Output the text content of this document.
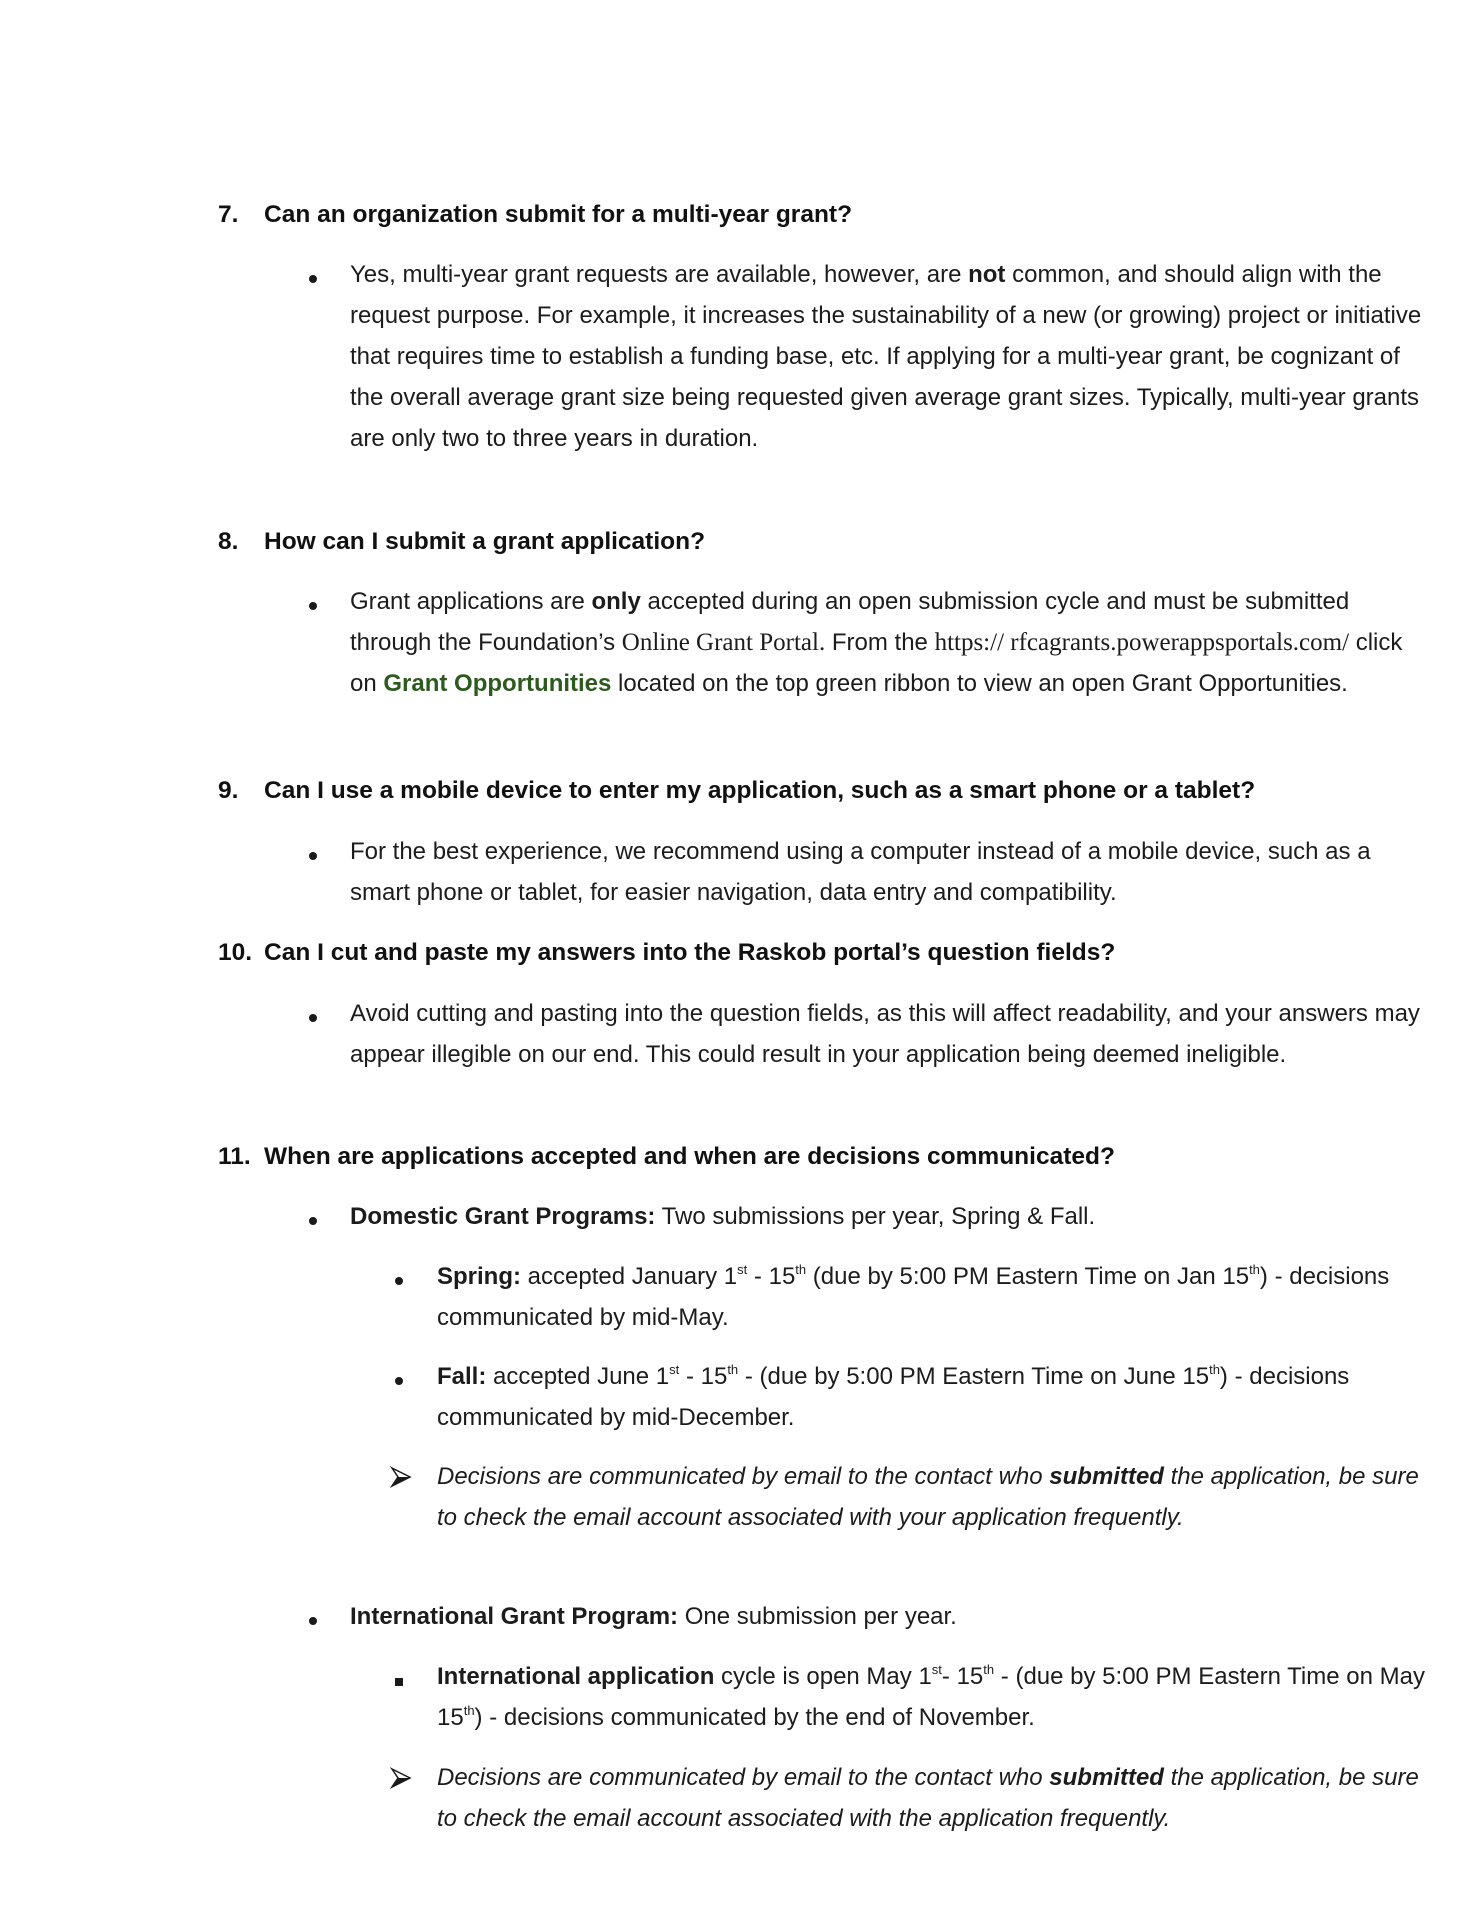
7. Can an organization submit for a multi-year grant?
Yes, multi-year grant requests are available, however, are not common, and should align with the request purpose. For example, it increases the sustainability of a new (or growing) project or initiative that requires time to establish a funding base, etc. If applying for a multi-year grant, be cognizant of the overall average grant size being requested given average grant sizes. Typically, multi-year grants are only two to three years in duration.
8. How can I submit a grant application?
Grant applications are only accepted during an open submission cycle and must be submitted through the Foundation’s Online Grant Portal. From the https:// rfcagrants.powerappsportals.com/ click on Grant Opportunities located on the top green ribbon to view an open Grant Opportunities.
9. Can I use a mobile device to enter my application, such as a smart phone or a tablet?
For the best experience, we recommend using a computer instead of a mobile device, such as a smart phone or tablet, for easier navigation, data entry and compatibility.
10. Can I cut and paste my answers into the Raskob portal’s question fields?
Avoid cutting and pasting into the question fields, as this will affect readability, and your answers may appear illegible on our end. This could result in your application being deemed ineligible.
11. When are applications accepted and when are decisions communicated?
Domestic Grant Programs: Two submissions per year, Spring & Fall.
Spring: accepted January 1st - 15th (due by 5:00 PM Eastern Time on Jan 15th) - decisions communicated by mid-May.
Fall: accepted June 1st - 15th - (due by 5:00 PM Eastern Time on June 15th) - decisions communicated by mid-December.
Decisions are communicated by email to the contact who submitted the application, be sure to check the email account associated with your application frequently.
International Grant Program: One submission per year.
International application cycle is open May 1st- 15th - (due by 5:00 PM Eastern Time on May 15th) - decisions communicated by the end of November.
Decisions are communicated by email to the contact who submitted the application, be sure to check the email account associated with the application frequently.
